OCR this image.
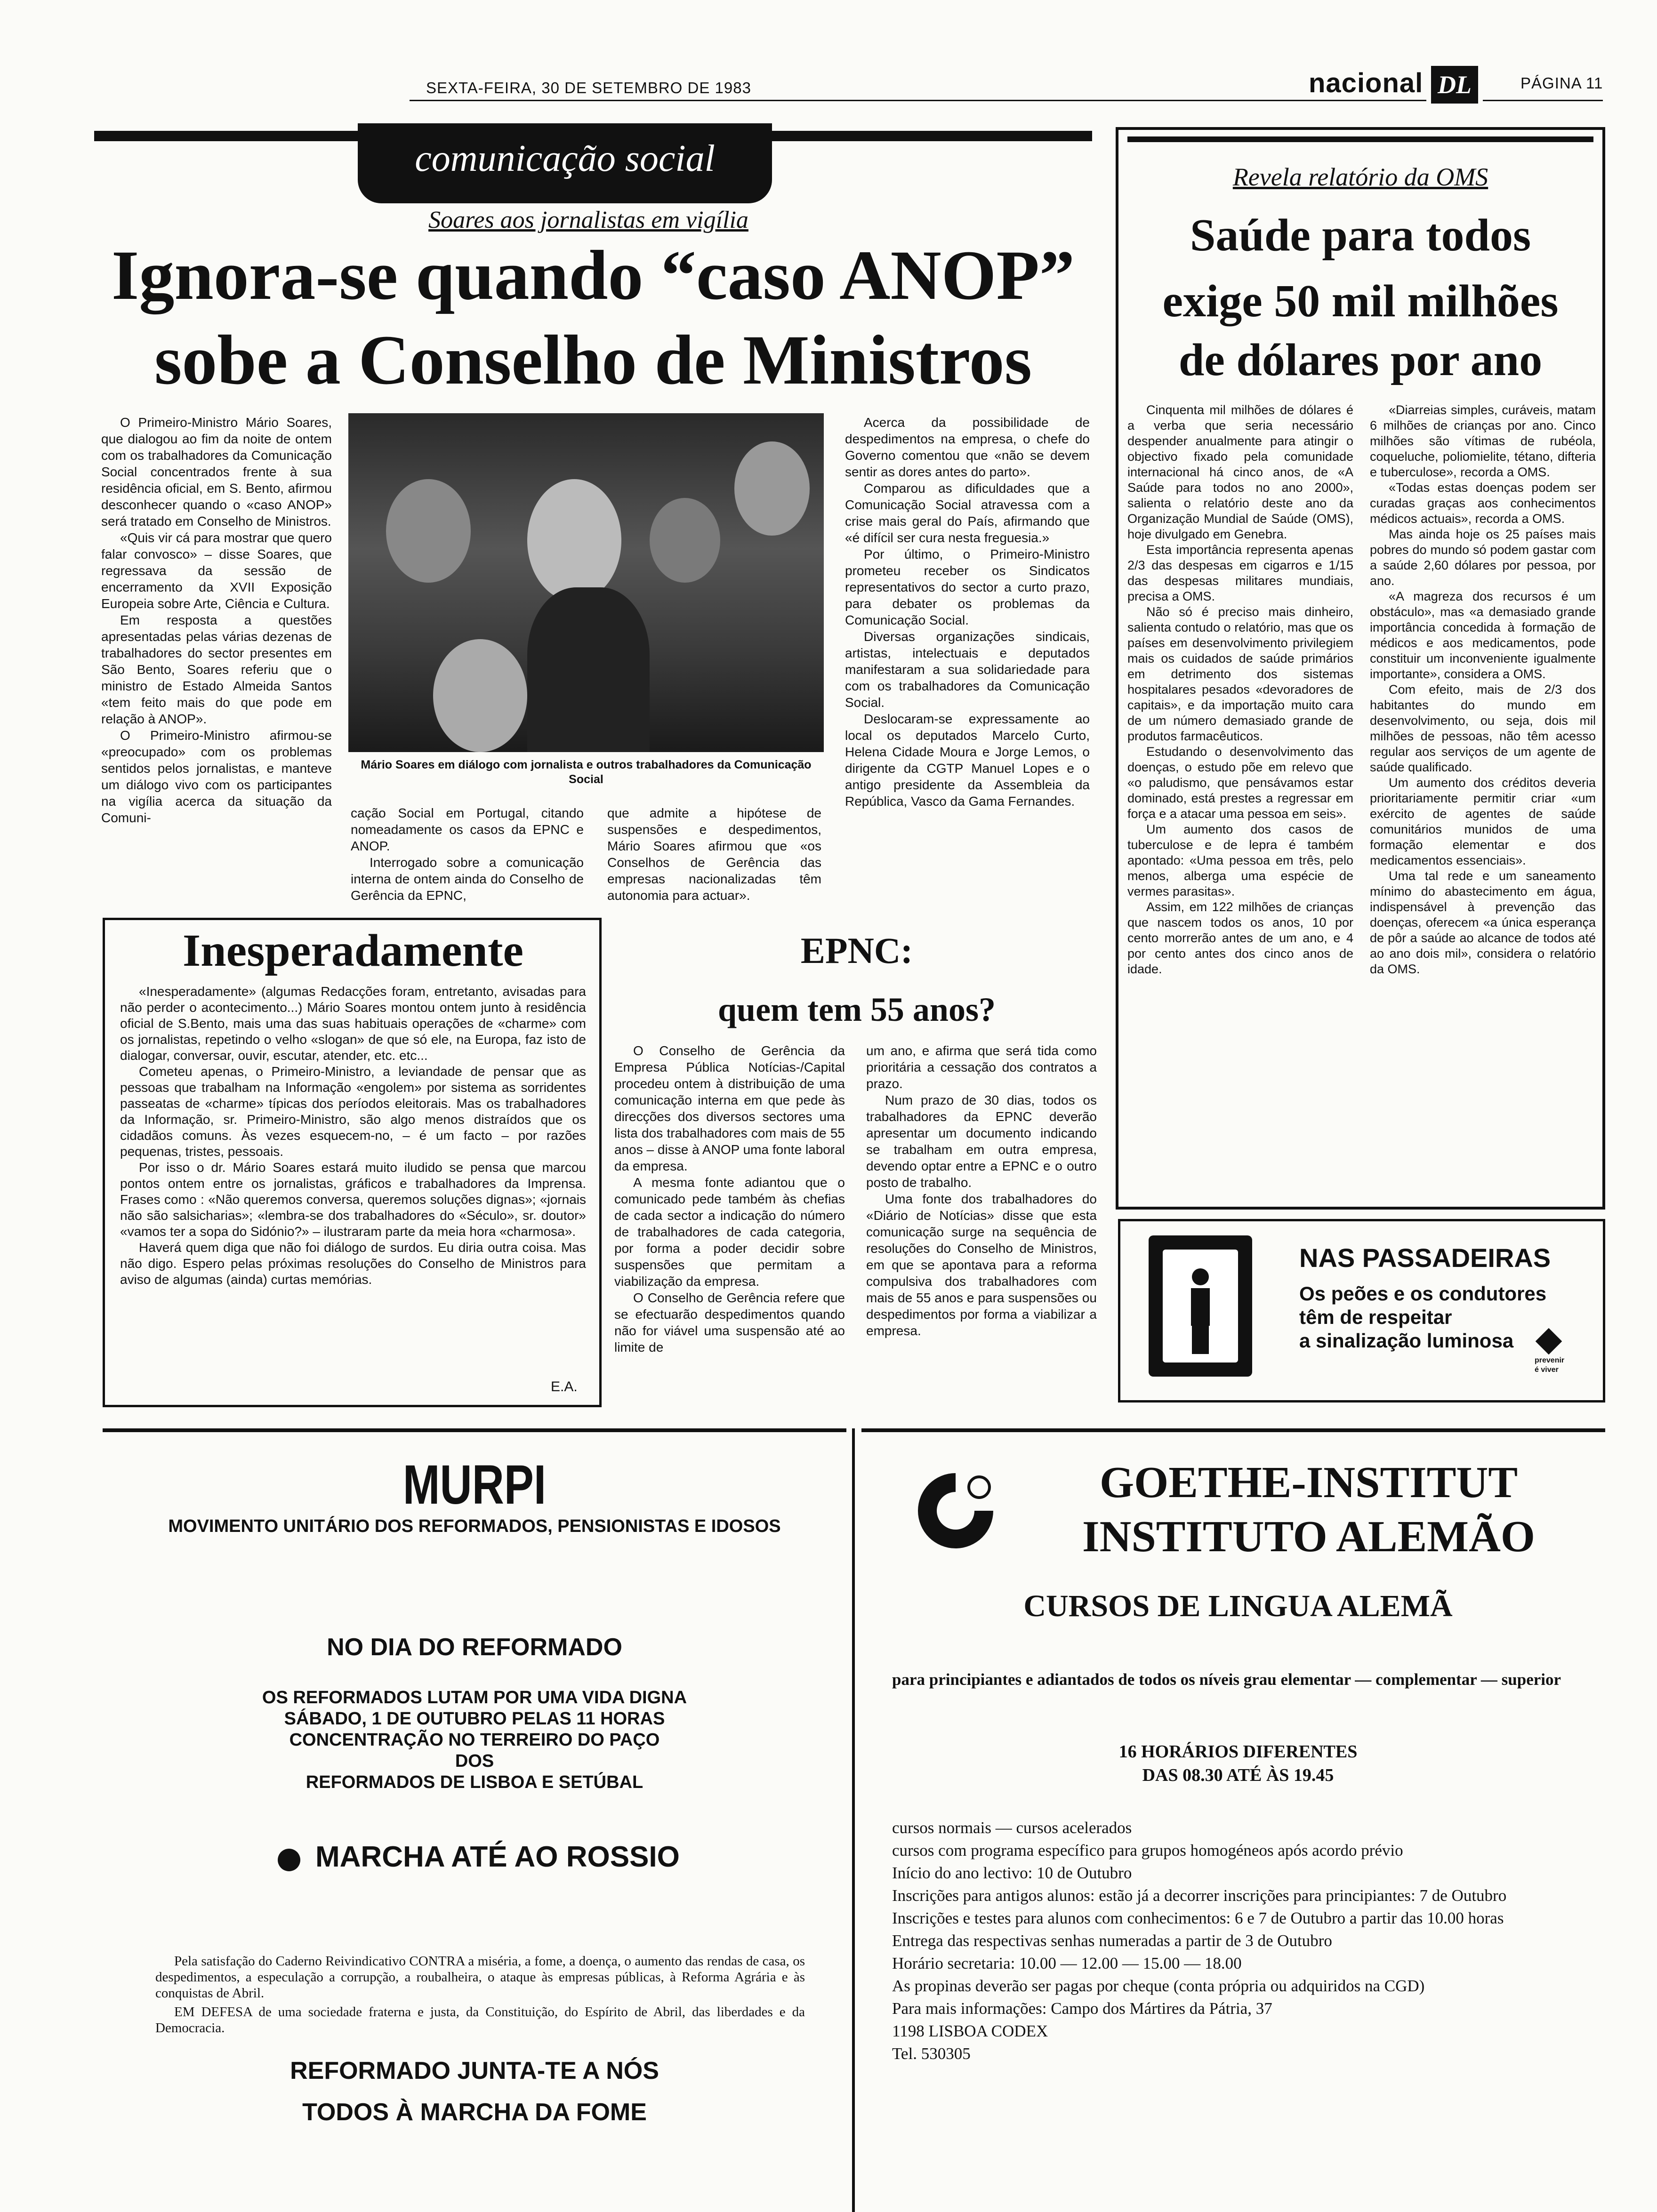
SEXTA-FEIRA, 30 DE SETEMBRO DE 1983	nacional DL	PÁGINA 11
comunicação social
Soares aos jornalistas em vigília
Ignora-se quando “caso ANOP”
sobe a Conselho de Ministros

O Primeiro-Ministro Mário Soares, que dialogou ao fim da noite de ontem com os trabalhadores da Comunicação Social concentrados frente à sua residência oficial, em S. Bento, afirmou desconhecer quando o «caso ANOP» será tratado em Conselho de Ministros.

«Quis vir cá para mostrar que quero falar convosco» – disse Soares, que regressava da sessão de encerramento da XVII Exposição Europeia sobre Arte, Ciência e Cultura.

Em resposta a questões apresentadas pelas várias dezenas de trabalhadores do sector presentes em São Bento, Soares referiu que o ministro de Estado Almeida Santos «tem feito mais do que pode em relação à ANOP».

O Primeiro-Ministro afirmou-se «preocupado» com os problemas sentidos pelos jornalistas, e manteve um diálogo vivo com os participantes na vigília acerca da situação da Comuni-

Mário Soares em diálogo com jornalista e outros trabalhadores da Comunicação Social

cação Social em Portugal, citando nomeadamente os casos da EPNC e ANOP.

Interrogado sobre a comunicação interna de ontem ainda do Conselho de Gerência da EPNC,

que admite a hipótese de suspensões e despedimentos, Mário Soares afirmou que «os Conselhos de Gerência das empresas nacionalizadas têm autonomia para actuar».

Acerca da possibilidade de despedimentos na empresa, o chefe do Governo comentou que «não se devem sentir as dores antes do parto».

Comparou as dificuldades que a Comunicação Social atravessa com a crise mais geral do País, afirmando que «é difícil ser cura nesta freguesia.»

Por último, o Primeiro-Ministro prometeu receber os Sindicatos representativos do sector a curto prazo, para debater os problemas da Comunicação Social.

Diversas organizações sindicais, artistas, intelectuais e deputados manifestaram a sua solidariedade para com os trabalhadores da Comunicação Social.

Deslocaram-se expressamente ao local os deputados Marcelo Curto, Helena Cidade Moura e Jorge Lemos, o dirigente da CGTP Manuel Lopes e o antigo presidente da Assembleia da República, Vasco da Gama Fernandes.

Revela relatório da OMS
Saúde para todos
exige 50 mil milhões
de dólares por ano

Cinquenta mil milhões de dólares é a verba que seria necessário despender anualmente para atingir o objectivo fixado pela comunidade internacional há cinco anos, de «A Saúde para todos no ano 2000», salienta o relatório deste ano da Organização Mundial de Saúde (OMS), hoje divulgado em Genebra.

Esta importância representa apenas 2/3 das despesas em cigarros e 1/15 das despesas militares mundiais, precisa a OMS.

Não só é preciso mais dinheiro, salienta contudo o relatório, mas que os países em desenvolvimento privilegiem mais os cuidados de saúde primários em detrimento dos sistemas hospitalares pesados «devoradores de capitais», e da importação muito cara de um número demasiado grande de produtos farmacêuticos.

Estudando o desenvolvimento das doenças, o estudo põe em relevo que «o paludismo, que pensávamos estar dominado, está prestes a regressar em força e a atacar uma pessoa em seis».

Um aumento dos casos de tuberculose e de lepra é também apontado: «Uma pessoa em três, pelo menos, alberga uma espécie de vermes parasitas».

Assim, em 122 milhões de crianças que nascem todos os anos, 10 por cento morrerão antes de um ano, e 4 por cento antes dos cinco anos de idade.

«Diarreias simples, curáveis, matam 6 milhões de crianças por ano. Cinco milhões são vítimas de rubéola, coqueluche, poliomielite, tétano, difteria e tuberculose», recorda a OMS.

«Todas estas doenças podem ser curadas graças aos conhecimentos médicos actuais», recorda a OMS.

Mas ainda hoje os 25 países mais pobres do mundo só podem gastar com a saúde 2,60 dólares por pessoa, por ano.

«A magreza dos recursos é um obstáculo», mas «a demasiado grande importância concedida à formação de médicos e aos medicamentos, pode constituir um inconveniente igualmente importante», considera a OMS.

Com efeito, mais de 2/3 dos habitantes do mundo em desenvolvimento, ou seja, dois mil milhões de pessoas, não têm acesso regular aos serviços de um agente de saúde qualificado.

Um aumento dos créditos deveria prioritariamente permitir criar «um exército de agentes de saúde comunitários munidos de uma formação elementar e dos medicamentos essenciais».

Uma tal rede e um saneamento mínimo do abastecimento em água, indispensável à prevenção das doenças, oferecem «a única esperança de pôr a saúde ao alcance de todos até ao ano dois mil», considera o relatório da OMS.

Inesperadamente

«Inesperadamente» (algumas Redacções foram, entretanto, avisadas para não perder o acontecimento...) Mário Soares montou ontem junto à residência oficial de S.Bento, mais uma das suas habituais operações de «charme» com os jornalistas, repetindo o velho «slogan» de que só ele, na Europa, faz isto de dialogar, conversar, ouvir, escutar, atender, etc. etc...

Cometeu apenas, o Primeiro-Ministro, a leviandade de pensar que as pessoas que trabalham na Informação «engolem» por sistema as sorridentes passeatas de «charme» típicas dos períodos eleitorais. Mas os trabalhadores da Informação, sr. Primeiro-Ministro, são algo menos distraídos que os cidadãos comuns. Às vezes esquecem-no, – é um facto – por razões pequenas, tristes, pessoais.

Por isso o dr. Mário Soares estará muito iludido se pensa que marcou pontos ontem entre os jornalistas, gráficos e trabalhadores da Imprensa. Frases como : «Não queremos conversa, queremos soluções dignas»; «jornais não são salsicharias»; «lembra-se dos trabalhadores do «Século», sr. doutor» «vamos ter a sopa do Sidónio?» – ilustraram parte da meia hora «charmosa».

Haverá quem diga que não foi diálogo de surdos. Eu diria outra coisa. Mas não digo. Espero pelas próximas resoluções do Conselho de Ministros para aviso de algumas (ainda) curtas memórias.

E.A.
EPNC:
quem tem 55 anos?

O Conselho de Gerência da Empresa Pública Notícias-/Capital procedeu ontem à distribuição de uma comunicação interna em que pede às direcções dos diversos sectores uma lista dos trabalhadores com mais de 55 anos – disse à ANOP uma fonte laboral da empresa.

A mesma fonte adiantou que o comunicado pede também às chefias de cada sector a indicação do número de trabalhadores de cada categoria, por forma a poder decidir sobre suspensões que permitam a viabilização da empresa.

O Conselho de Gerência refere que se efectuarão despedimentos quando não for viável uma suspensão até ao limite de

um ano, e afirma que será tida como prioritária a cessação dos contratos a prazo.

Num prazo de 30 dias, todos os trabalhadores da EPNC deverão apresentar um documento indicando se trabalham em outra empresa, devendo optar entre a EPNC e o outro posto de trabalho.

Uma fonte dos trabalhadores do «Diário de Notícias» disse que esta comunicação surge na sequência de resoluções do Conselho de Ministros, em que se apontava para a reforma compulsiva dos trabalhadores com mais de 55 anos e para suspensões ou despedimentos por forma a viabilizar a empresa.

NAS PASSADEIRAS
Os peões e os condutores
têm de respeitar
a sinalização luminosa
prevenir
é viver
MURPI
MOVIMENTO UNITÁRIO DOS REFORMADOS, PENSIONISTAS E IDOSOS
NO DIA DO REFORMADO
OS REFORMADOS LUTAM POR UMA VIDA DIGNA
SÁBADO, 1 DE OUTUBRO PELAS 11 HORAS
CONCENTRAÇÃO NO TERREIRO DO PAÇO
DOS
REFORMADOS DE LISBOA E SETÚBAL
MARCHA ATÉ AO ROSSIO
Pela satisfação do Caderno Reivindicativo CONTRA a miséria, a fome, a doença, o aumento das rendas de casa, os despedimentos, a especulação a corrupção, a roubalheira, o ataque às empresas públicas, à Reforma Agrária e às conquistas de Abril.
EM DEFESA de uma sociedade fraterna e justa, da Constituição, do Espírito de Abril, das liberdades e da Democracia.
REFORMADO JUNTA-TE A NÓS
TODOS À MARCHA DA FOME
GOETHE-INSTITUT
INSTITUTO ALEMÃO
CURSOS DE LINGUA ALEMÃ
para principiantes e adiantados de todos os níveis grau elementar — complementar — superior
16 HORÁRIOS DIFERENTES
DAS 08.30 ATÉ ÀS 19.45
cursos normais — cursos acelerados
cursos com programa específico para grupos homogéneos após acordo prévio
Início do ano lectivo: 10 de Outubro
Inscrições para antigos alunos: estão já a decorrer inscrições para principiantes: 7 de Outubro
Inscrições e testes para alunos com conhecimentos: 6 e 7 de Outubro a partir das 10.00 horas
Entrega das respectivas senhas numeradas a partir de 3 de Outubro
Horário secretaria: 10.00 — 12.00 — 15.00 — 18.00
As propinas deverão ser pagas por cheque (conta própria ou adquiridos na CGD)
Para mais informações: Campo dos Mártires da Pátria, 37
1198 LISBOA CODEX
Tel. 530305
